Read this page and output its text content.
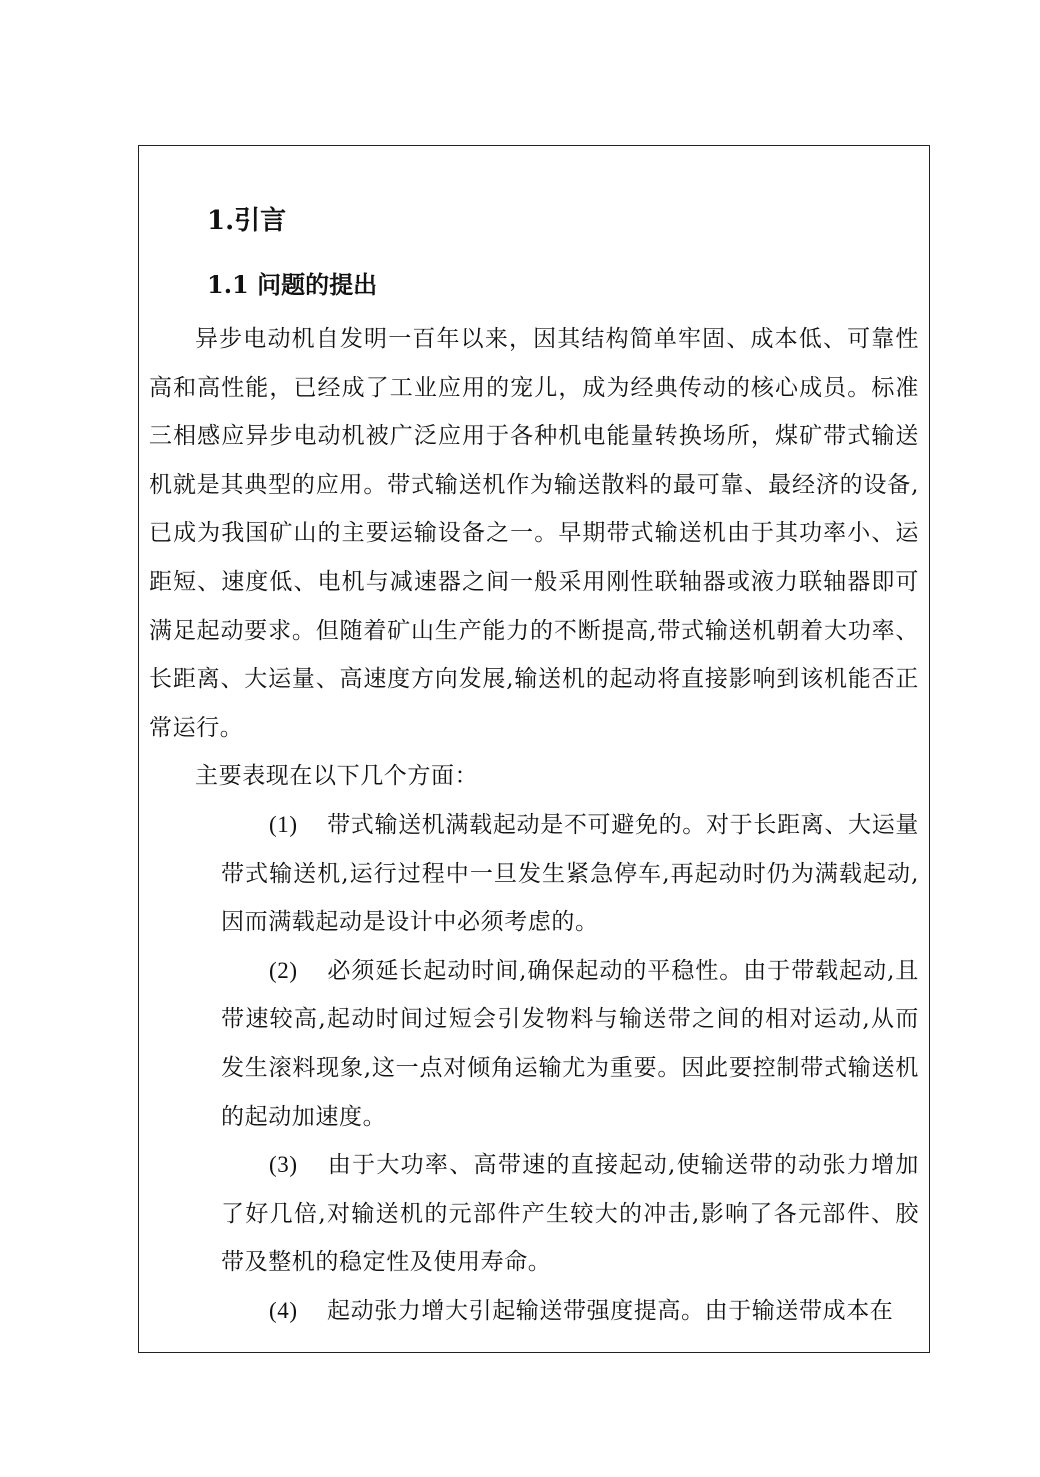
1.引言
1.1 问题的提出

异步电动机自发明一百年以来，因其结构简单牢固、成本低、可靠性高和高性能，已经成了工业应用的宠儿，成为经典传动的核心成员。标准三相感应异步电动机被广泛应用于各种机电能量转换场所，煤矿带式输送机就是其典型的应用。带式输送机作为输送散料的最可靠、最经济的设备,已成为我国矿山的主要运输设备之一。早期带式输送机由于其功率小、运距短、速度低、电机与减速器之间一般采用刚性联轴器或液力联轴器即可满足起动要求。但随着矿山生产能力的不断提高,带式输送机朝着大功率、长距离、大运量、高速度方向发展,输送机的起动将直接影响到该机能否正常运行。

主要表现在以下几个方面：

(1) 带式输送机满载起动是不可避免的。对于长距离、大运量带式输送机,运行过程中一旦发生紧急停车,再起动时仍为满载起动,因而满载起动是设计中必须考虑的。
(2) 必须延长起动时间,确保起动的平稳性。由于带载起动,且带速较高,起动时间过短会引发物料与输送带之间的相对运动,从而发生滚料现象,这一点对倾角运输尤为重要。因此要控制带式输送机的起动加速度。
(3) 由于大功率、高带速的直接起动,使输送带的动张力增加了好几倍,对输送机的元部件产生较大的冲击,影响了各元部件、胶带及整机的稳定性及使用寿命。
(4) 起动张力增大引起输送带强度提高。由于输送带成本在
